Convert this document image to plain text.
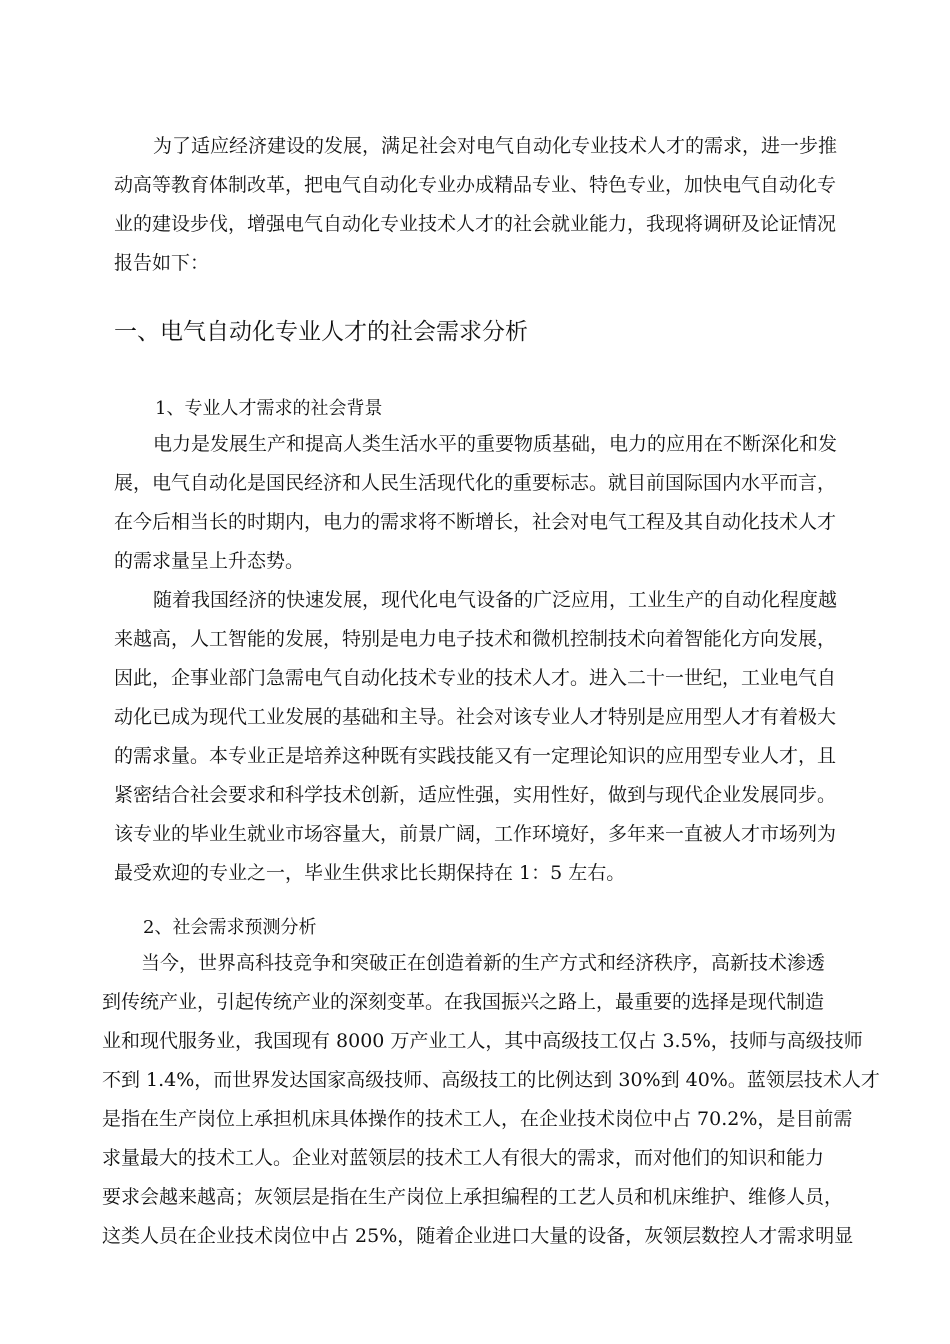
为了适应经济建设的发展，满足社会对电气自动化专业技术人才的需求，进一步推

动高等教育体制改革，把电气自动化专业办成精品专业、特色专业，加快电气自动化专

业的建设步伐，增强电气自动化专业技术人才的社会就业能力，我现将调研及论证情况

报告如下：

一、电气自动化专业人才的社会需求分析
1、专业人才需求的社会背景

电力是发展生产和提高人类生活水平的重要物质基础，电力的应用在不断深化和发

展，电气自动化是国民经济和人民生活现代化的重要标志。就目前国际国内水平而言，

在今后相当长的时期内，电力的需求将不断增长，社会对电气工程及其自动化技术人才

的需求量呈上升态势。

随着我国经济的快速发展，现代化电气设备的广泛应用，工业生产的自动化程度越

来越高，人工智能的发展，特别是电力电子技术和微机控制技术向着智能化方向发展，

因此，企事业部门急需电气自动化技术专业的技术人才。进入二十一世纪，工业电气自

动化已成为现代工业发展的基础和主导。社会对该专业人才特别是应用型人才有着极大

的需求量。本专业正是培养这种既有实践技能又有一定理论知识的应用型专业人才，且

紧密结合社会要求和科学技术创新，适应性强，实用性好，做到与现代企业发展同步。

该专业的毕业生就业市场容量大，前景广阔，工作环境好，多年来一直被人才市场列为

最受欢迎的专业之一，毕业生供求比长期保持在 1：5 左右。

2、社会需求预测分析

当今，世界高科技竞争和突破正在创造着新的生产方式和经济秩序，高新技术渗透

到传统产业，引起传统产业的深刻变革。在我国振兴之路上，最重要的选择是现代制造

业和现代服务业，我国现有 8000 万产业工人，其中高级技工仅占 3.5%，技师与高级技师

不到 1.4%，而世界发达国家高级技师、高级技工的比例达到 30%到 40%。蓝领层技术人才

是指在生产岗位上承担机床具体操作的技术工人，在企业技术岗位中占 70.2%，是目前需

求量最大的技术工人。企业对蓝领层的技术工人有很大的需求，而对他们的知识和能力

要求会越来越高；灰领层是指在生产岗位上承担编程的工艺人员和机床维护、维修人员，

这类人员在企业技术岗位中占 25%，随着企业进口大量的设备，灰领层数控人才需求明显
